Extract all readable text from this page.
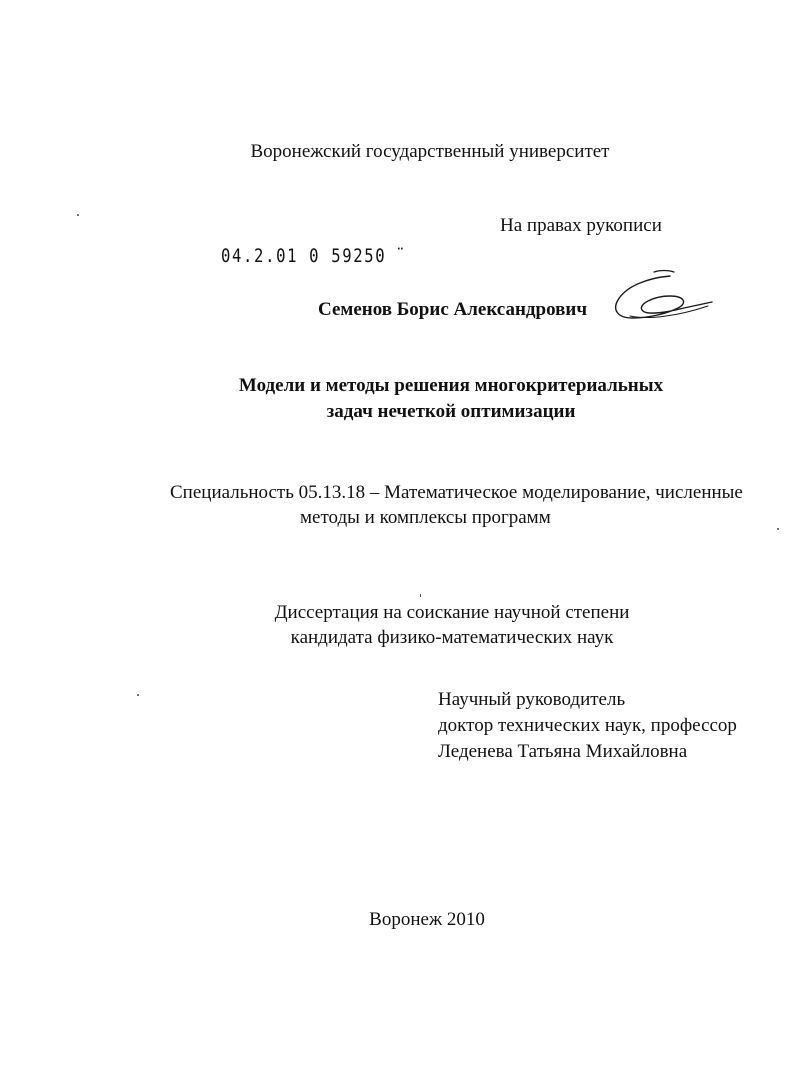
Воронежский государственный университет
На правах рукописи
04.2.01 0 59250 ̈
Семенов Борис Александрович
Модели и методы решения многокритериальных
задач нечеткой оптимизации
Специальность 05.13.18 – Математическое моделирование, численные
методы и комплексы программ
Диссертация на соискание научной степени
кандидата физико-математических наук
Научный руководитель
доктор технических наук, профессор
Леденева Татьяна Михайловна
Воронеж 2010
